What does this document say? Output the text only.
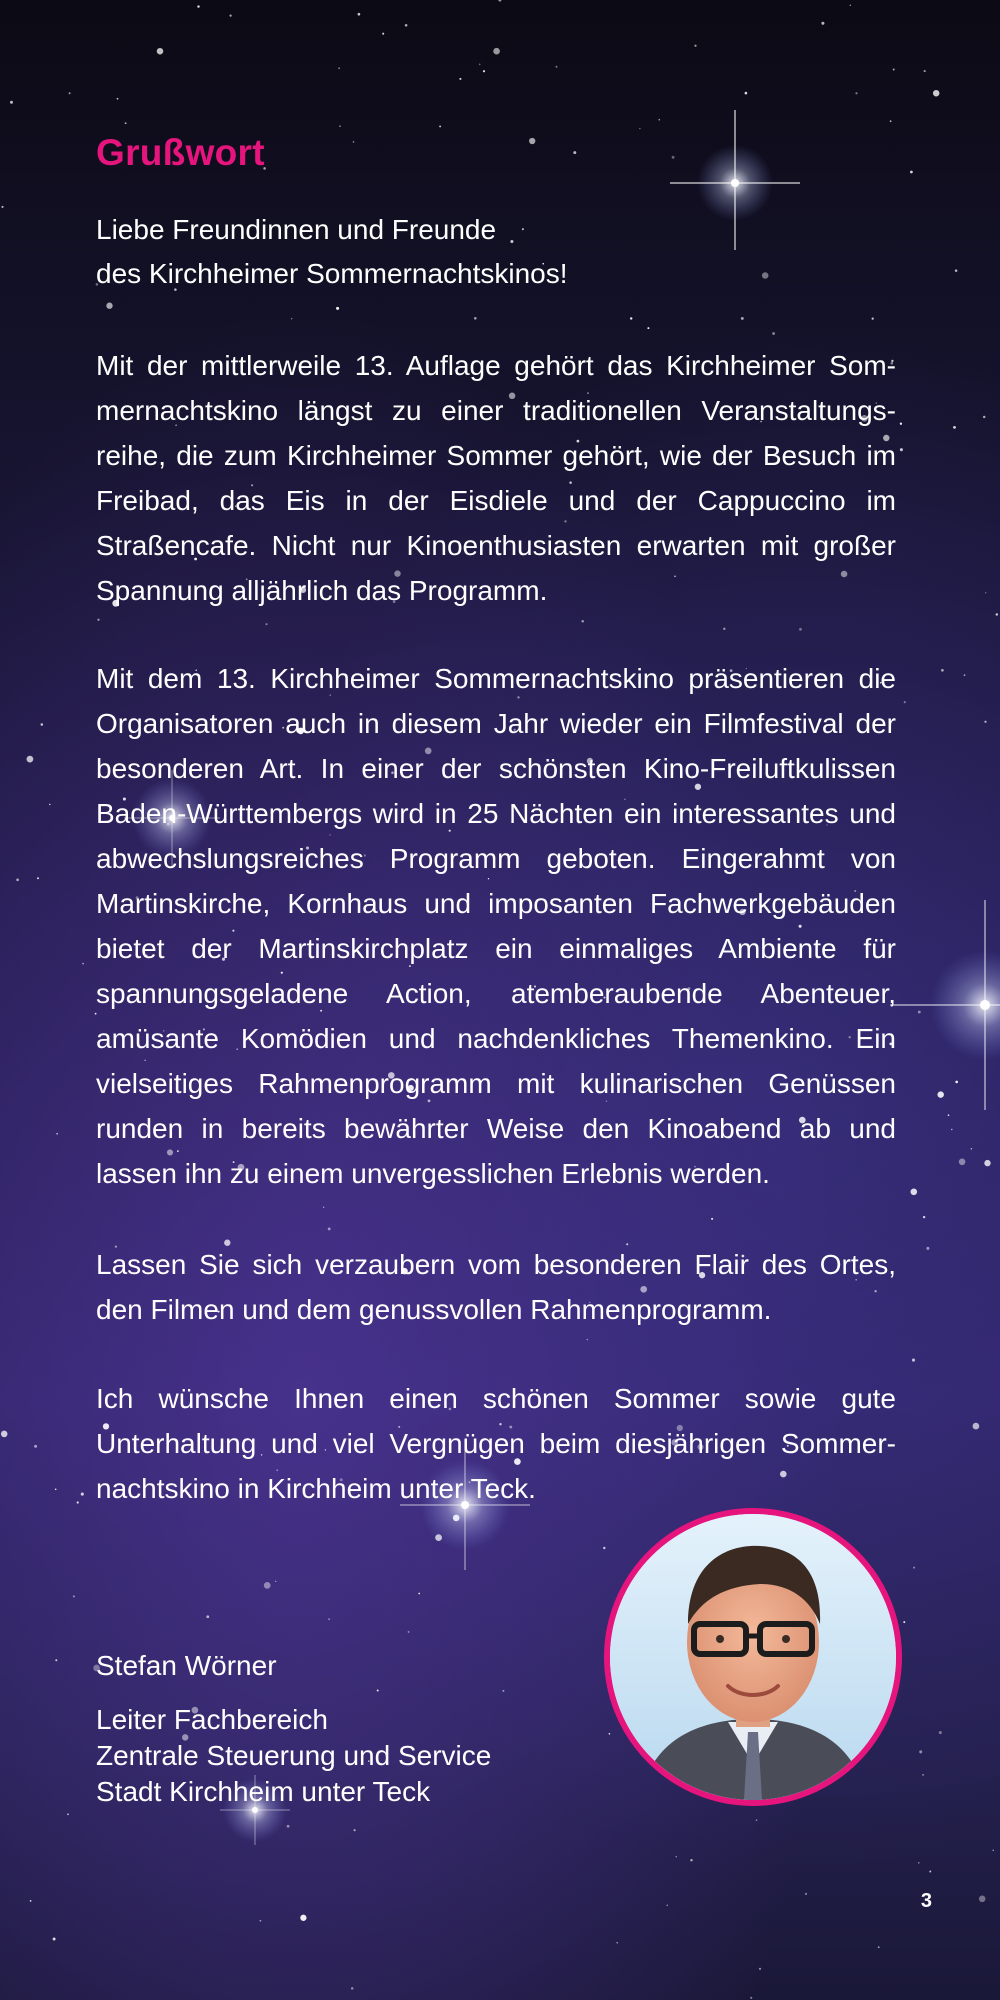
Grußwort
Liebe Freundinnen und Freunde
des Kirchheimer Sommernachtskinos!

Mit der mittlerweile 13. Auflage gehört das Kirchheimer Sommernachtskino längst zu einer traditionellen Veranstaltungsreihe, die zum Kirchheimer Sommer gehört, wie der Besuch im Freibad, das Eis in der Eisdiele und der Cappuccino im Straßencafe. Nicht nur Kinoenthusiasten erwarten mit großer Spannung alljährlich das Programm.

Mit dem 13. Kirchheimer Sommernachtskino präsentieren die Organisatoren auch in diesem Jahr wieder ein Filmfestival der besonderen Art. In einer der schönsten Kino-Freiluftkulissen Baden-Württembergs wird in 25 Nächten ein interessantes und abwechslungsreiches Programm geboten. Eingerahmt von Martinskirche, Kornhaus und imposanten Fachwerkgebäuden bietet der Martinskirchplatz ein einmaliges Ambiente für spannungsgeladene Action, atemberaubende Abenteuer, amüsante Komödien und nachdenkliches Themenkino. Ein vielseitiges Rahmenprogramm mit kulinarischen Genüssen runden in bereits bewährter Weise den Kinoabend ab und lassen ihn zu einem unvergesslichen Erlebnis werden.

Lassen Sie sich verzaubern vom besonderen Flair des Ortes, den Filmen und dem genussvollen Rahmenprogramm.

Ich wünsche Ihnen einen schönen Sommer sowie gute Unterhaltung und viel Vergnügen beim diesjährigen Sommernachtskino in Kirchheim unter Teck.

Stefan Wörner
Leiter Fachbereich
Zentrale Steuerung und Service
Stadt Kirchheim unter Teck
3
